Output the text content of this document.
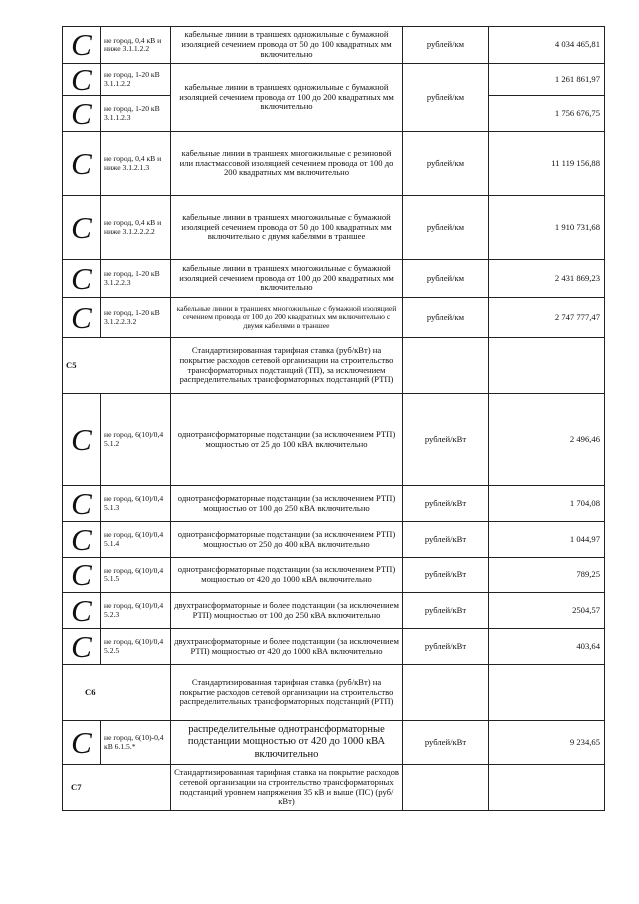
C	не город, 0,4 кВ и ниже 3.1.1.2.2	кабельные линии в траншеях одножильные с бумажной изоляцией сечением провода от 50 до 100 квадратных мм включительно	рублей/км	4 034 465,81
C	не город, 1-20 кВ 3.1.1.2.2	кабельные линии в траншеях одножильные с бумажной изоляцией сечением провода от 100 до 200 квадратных мм включительно	рублей/км	1 261 861,97
C	не город, 1-20 кВ 3.1.1.2.3			1 756 676,75
C	не город, 0,4 кВ и ниже 3.1.2.1.3	кабельные линии в траншеях многожильные с резиновой или пластмассовой изоляцией сечением провода от 100 до 200 квадратных мм включительно	рублей/км	11 119 156,88
C	не город, 0,4 кВ и ниже 3.1.2.2.2.2	кабельные линии в траншеях многожильные с бумажной изоляцией сечением провода от 50 до 100 квадратных мм включительно с двумя кабелями в траншее	рублей/км	1 910 731,68
C	не город, 1-20 кВ 3.1.2.2.3	кабельные линии в траншеях многожильные с бумажной изоляцией сечением провода от 100 до 200 квадратных мм включительно	рублей/км	2 431 869,23
C	не город, 1-20 кВ 3.1.2.2.3.2	кабельные линии в траншеях многожильные с бумажной изоляцией сечением провода от 100 до 200 квадратных мм включительно с двумя кабелями в траншее	рублей/км	2 747 777,47
С5		Стандартизированная тарифная ставка (руб/кВт) на покрытие расходов сетевой организации на строительство трансформаторных подстанций (ТП), за исключением распределительных трансформаторных подстанций (РТП)		
C	не город, 6(10)/0,4 5.1.2	однотрансформаторные подстанции (за исключением РТП) мощностью от 25 до 100 кВА включительно	рублей/кВт	2 496,46
C	не город, 6(10)/0,4 5.1.3	однотрансформаторные подстанции (за исключением РТП) мощностью от 100 до 250 кВА включительно	рублей/кВт	1 704,08
C	не город, 6(10)/0,4 5.1.4	однотрансформаторные подстанции (за исключением РТП) мощностью от 250 до 400 кВА включительно	рублей/кВт	1 044,97
C	не город, 6(10)/0,4 5.1.5	однотрансформаторные подстанции (за исключением РТП) мощностью от 420 до 1000 кВА включительно	рублей/кВт	789,25
C	не город, 6(10)/0,4 5.2.3	двухтрансформаторные и более подстанции (за исключением РТП) мощностью от 100 до 250 кВА включительно	рублей/кВт	2504,57
C	не город, 6(10)/0,4 5.2.5	двухтрансформаторные и более подстанции (за исключением РТП) мощностью от 420 до 1000 кВА включительно	рублей/кВт	403,64
С6		Стандартизированная тарифная ставка (руб/кВт) на покрытие расходов сетевой организации на строительство распределительных трансформаторных подстанций (РТП)		
C	не город, 6(10)-0,4 кВ 6.1.5.*	распределительные однотрансформаторные подстанции мощностью от 420 до 1000 кВА включительно	рублей/кВт	9 234,65
С7		Стандартизированная тарифная ставка на покрытие расходов сетевой организации на строительство трансформаторных подстанций уровнем напряжения 35 кВ и выше (ПС) (руб/кВт)		
